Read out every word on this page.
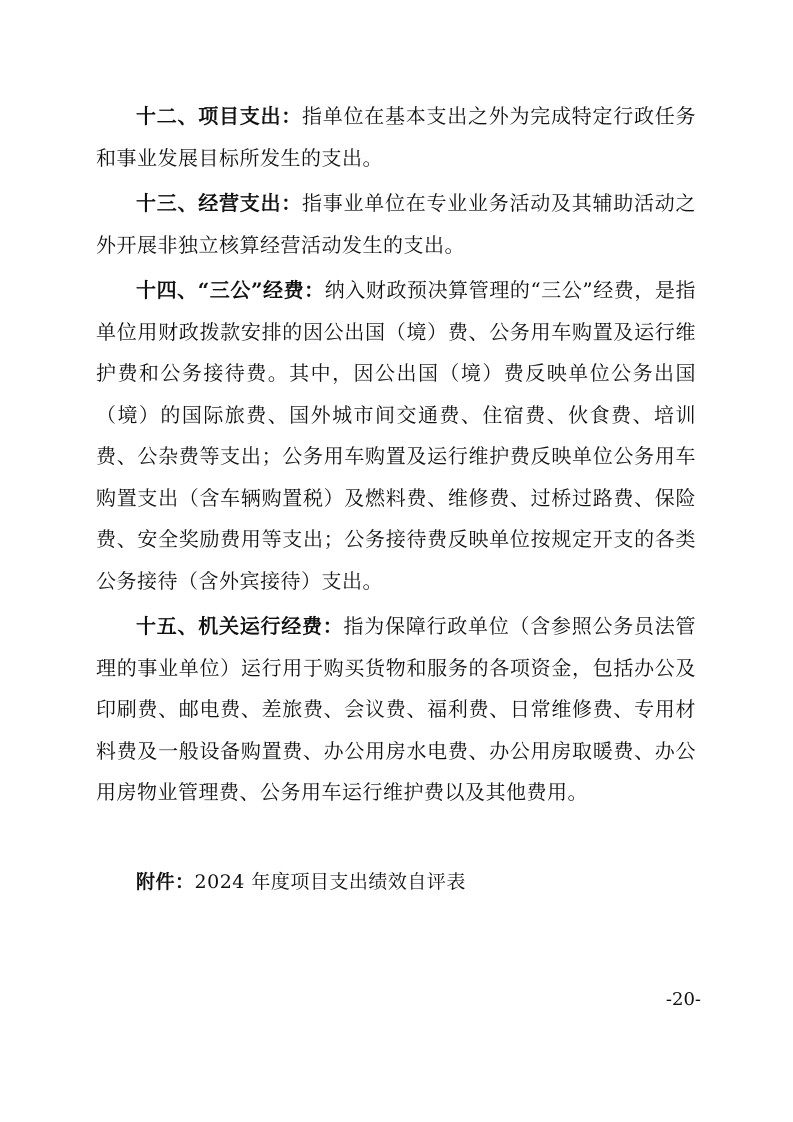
十二、项目支出：指单位在基本支出之外为完成特定行政任务和事业发展目标所发生的支出。

十三、经营支出：指事业单位在专业业务活动及其辅助活动之外开展非独立核算经营活动发生的支出。

十四、“三公”经费：纳入财政预决算管理的“三公”经费，是指单位用财政拨款安排的因公出国（境）费、公务用车购置及运行维护费和公务接待费。其中，因公出国（境）费反映单位公务出国（境）的国际旅费、国外城市间交通费、住宿费、伙食费、培训费、公杂费等支出；公务用车购置及运行维护费反映单位公务用车购置支出（含车辆购置税）及燃料费、维修费、过桥过路费、保险费、安全奖励费用等支出；公务接待费反映单位按规定开支的各类公务接待（含外宾接待）支出。

十五、机关运行经费：指为保障行政单位（含参照公务员法管理的事业单位）运行用于购买货物和服务的各项资金，包括办公及印刷费、邮电费、差旅费、会议费、福利费、日常维修费、专用材料费及一般设备购置费、办公用房水电费、办公用房取暖费、办公用房物业管理费、公务用车运行维护费以及其他费用。

附件：2024 年度项目支出绩效自评表
-20-
